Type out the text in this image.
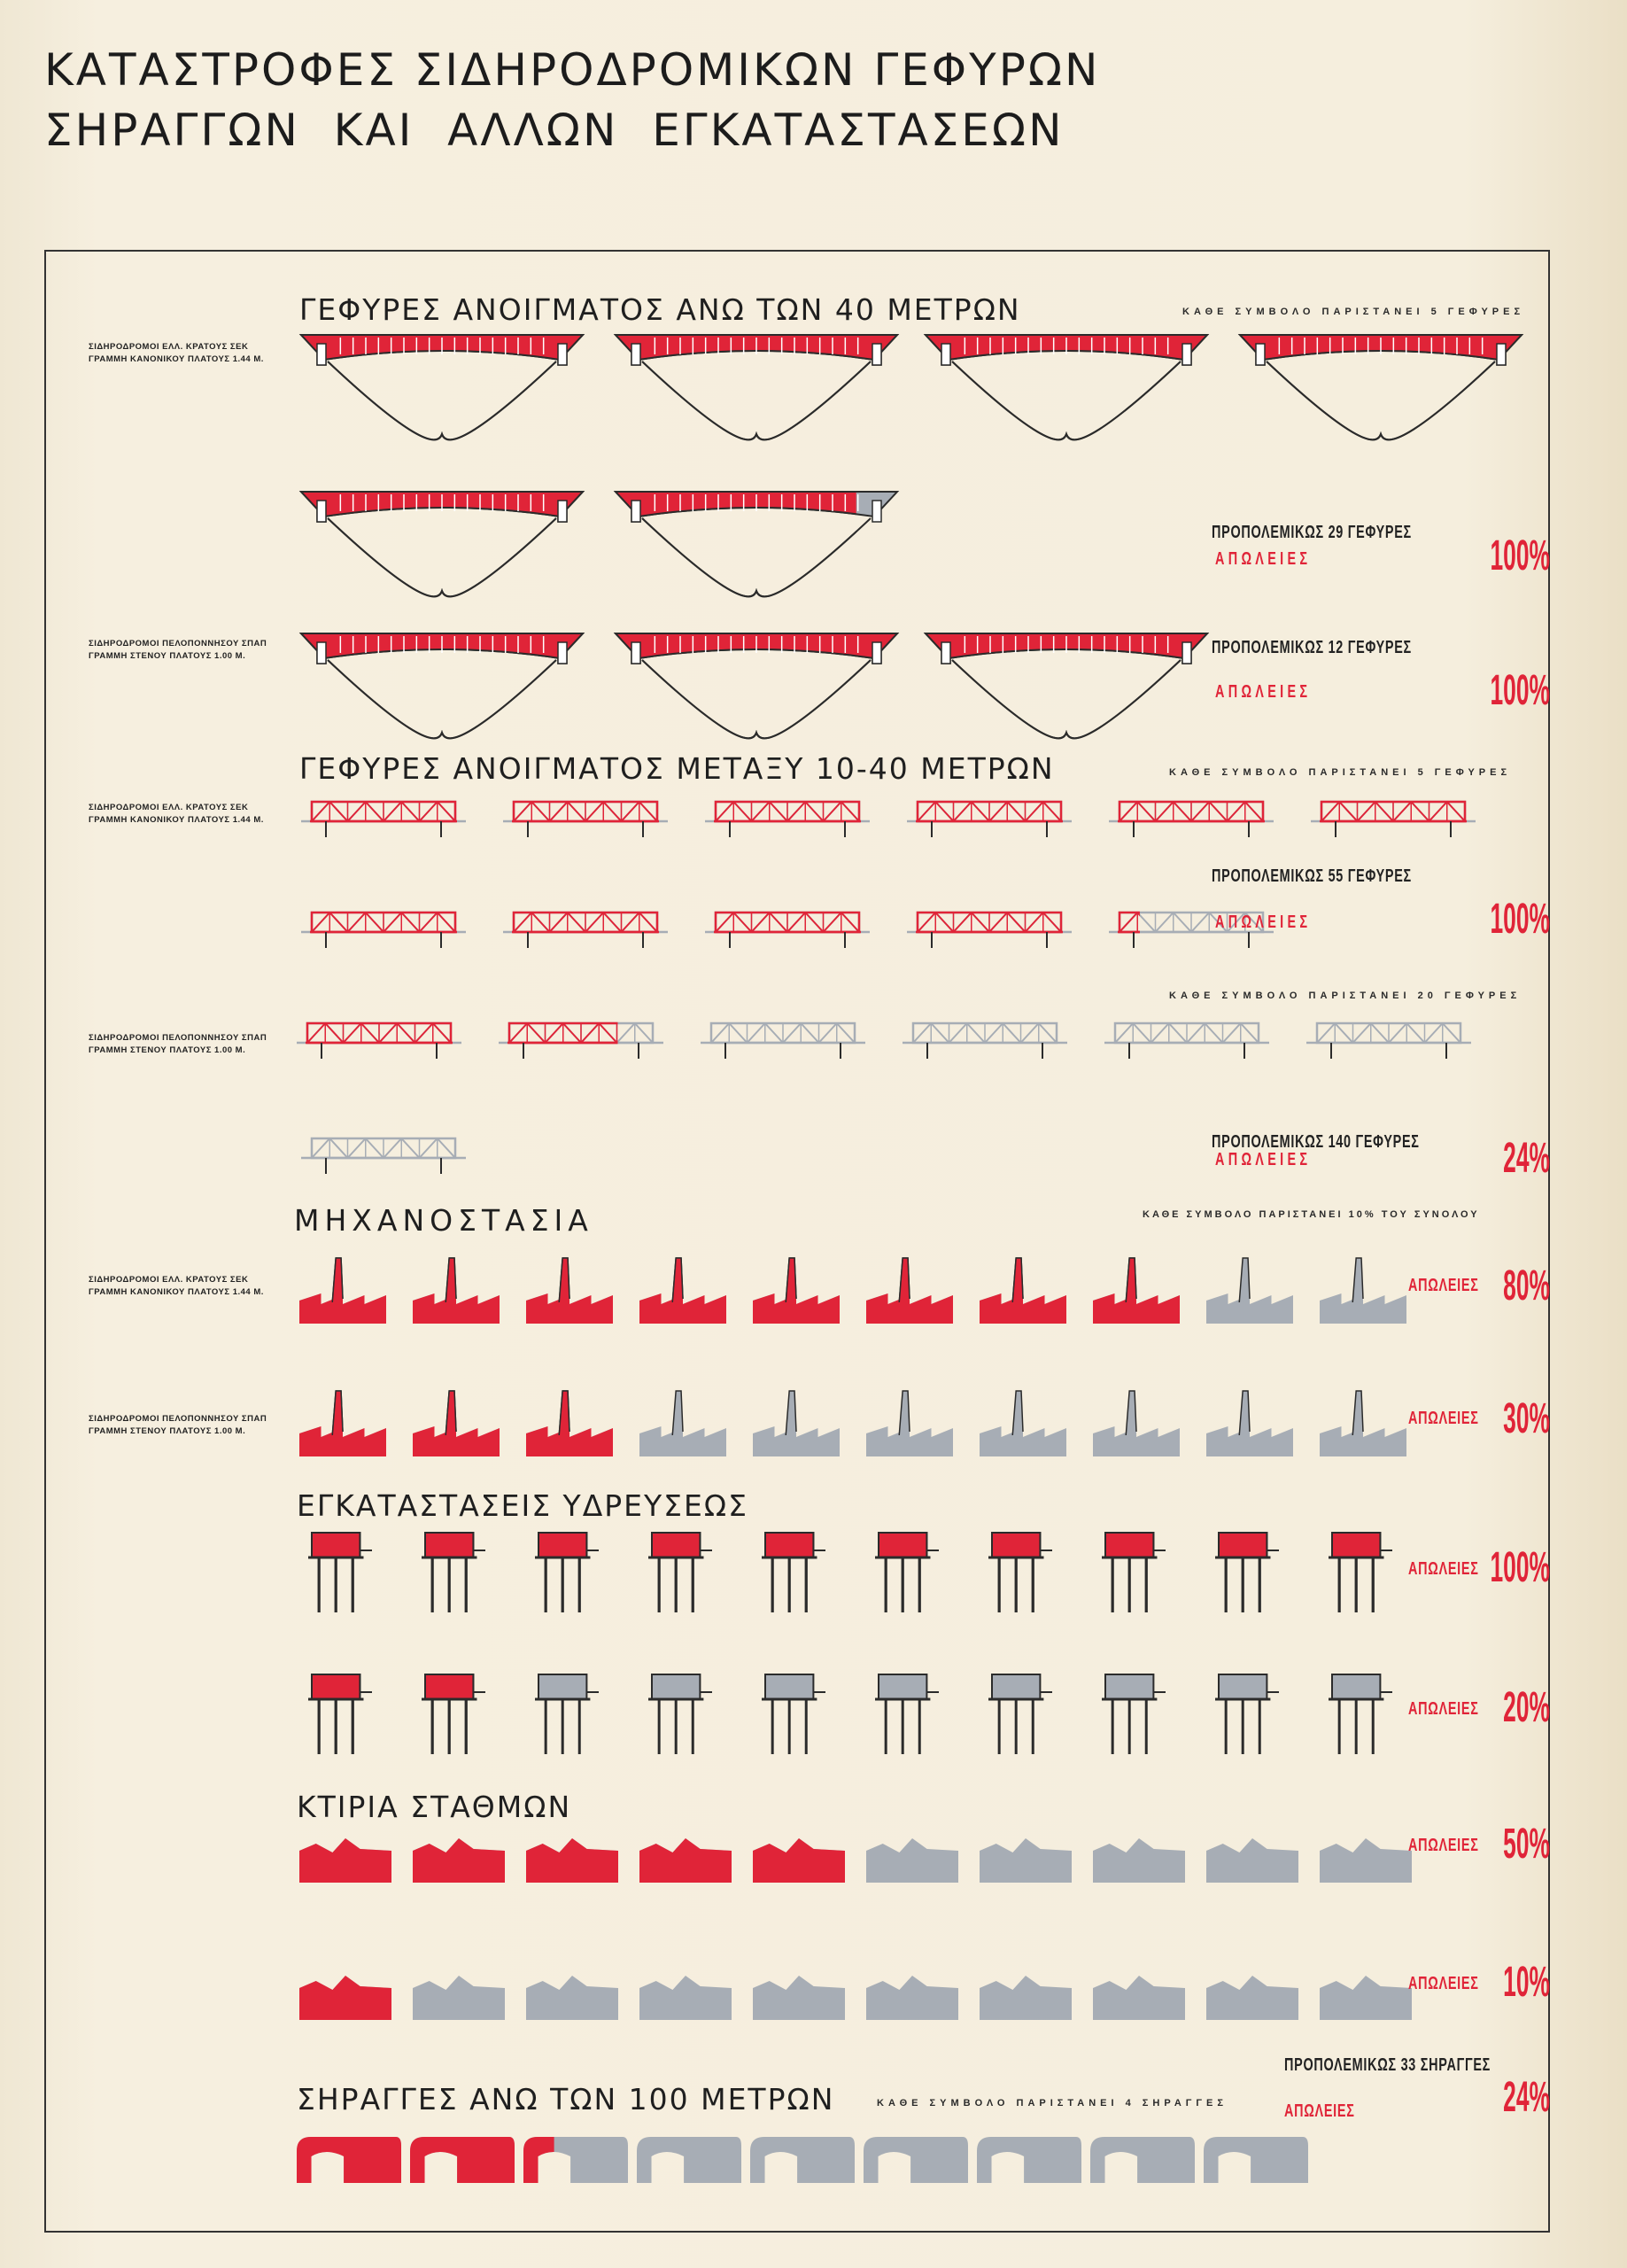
ΚΑΤΑΣΤΡΟΦΕΣ ΣΙΔΗΡΟΔΡΟΜΙΚΩΝ ΓΕΦΥΡΩΝ
ΣΗΡΑΓΓΩΝ  ΚΑΙ  ΑΛΛΩΝ  ΕΓΚΑΤΑΣΤΑΣΕΩΝ
ΓΕΦΥΡΕΣ ΑΝΟΙΓΜΑΤΟΣ ΑΝΩ ΤΩΝ 40 ΜΕΤΡΩΝ
ΓΕΦΥΡΕΣ ΑΝΟΙΓΜΑΤΟΣ ΜΕΤΑΞΥ 10-40 ΜΕΤΡΩΝ
ΜΗΧΑΝΟΣΤΑΣΙΑ
ΕΓΚΑΤΑΣΤΑΣΕΙΣ ΥΔΡΕΥΣΕΩΣ
ΚΤΙΡΙΑ ΣΤΑΘΜΩΝ
ΣΗΡΑΓΓΕΣ ΑΝΩ ΤΩΝ 100 ΜΕΤΡΩΝ
ΚΑΘΕ ΣΥΜΒΟΛΟ ΠΑΡΙΣΤΑΝΕΙ 5 ΓΕΦΥΡΕΣ
ΚΑΘΕ ΣΥΜΒΟΛΟ ΠΑΡΙΣΤΑΝΕΙ 5 ΓΕΦΥΡΕΣ
ΚΑΘΕ ΣΥΜΒΟΛΟ ΠΑΡΙΣΤΑΝΕΙ 20 ΓΕΦΥΡΕΣ
ΚΑΘΕ ΣΥΜΒΟΛΟ ΠΑΡΙΣΤΑΝΕΙ 10% ΤΟΥ ΣΥΝΟΛΟΥ
ΚΑΘΕ ΣΥΜΒΟΛΟ ΠΑΡΙΣΤΑΝΕΙ 4 ΣΗΡΑΓΓΕΣ
ΣΙΔΗΡΟΔΡΟΜΟΙ ΕΛΛ. ΚΡΑΤΟΥΣ ΣΕΚ
ΓΡΑΜΜΗ ΚΑΝΟΝΙΚΟΥ ΠΛΑΤΟΥΣ 1.44 Μ.
ΣΙΔΗΡΟΔΡΟΜΟΙ ΠΕΛΟΠΟΝΝΗΣΟΥ ΣΠΑΠ
ΓΡΑΜΜΗ ΣΤΕΝΟΥ ΠΛΑΤΟΥΣ 1.00 Μ.
ΣΙΔΗΡΟΔΡΟΜΟΙ ΕΛΛ. ΚΡΑΤΟΥΣ ΣΕΚ
ΓΡΑΜΜΗ ΚΑΝΟΝΙΚΟΥ ΠΛΑΤΟΥΣ 1.44 Μ.
ΣΙΔΗΡΟΔΡΟΜΟΙ ΠΕΛΟΠΟΝΝΗΣΟΥ ΣΠΑΠ
ΓΡΑΜΜΗ ΣΤΕΝΟΥ ΠΛΑΤΟΥΣ 1.00 Μ.
ΣΙΔΗΡΟΔΡΟΜΟΙ ΕΛΛ. ΚΡΑΤΟΥΣ ΣΕΚ
ΓΡΑΜΜΗ ΚΑΝΟΝΙΚΟΥ ΠΛΑΤΟΥΣ 1.44 Μ.
ΣΙΔΗΡΟΔΡΟΜΟΙ ΠΕΛΟΠΟΝΝΗΣΟΥ ΣΠΑΠ
ΓΡΑΜΜΗ ΣΤΕΝΟΥ ΠΛΑΤΟΥΣ 1.00 Μ.
ΠΡΟΠΟΛΕΜΙΚΩΣ 29 ΓΕΦΥΡΕΣ
ΠΡΟΠΟΛΕΜΙΚΩΣ 12 ΓΕΦΥΡΕΣ
ΠΡΟΠΟΛΕΜΙΚΩΣ 55 ΓΕΦΥΡΕΣ
ΠΡΟΠΟΛΕΜΙΚΩΣ 140 ΓΕΦΥΡΕΣ
ΠΡΟΠΟΛΕΜΙΚΩΣ 33 ΣΗΡΑΓΓΕΣ
ΑΠΩΛΕΙΕΣ
ΑΠΩΛΕΙΕΣ
ΑΠΩΛΕΙΕΣ
ΑΠΩΛΕΙΕΣ
ΑΠΩΛΕΙΕΣ
ΑΠΩΛΕΙΕΣ
ΑΠΩΛΕΙΕΣ
ΑΠΩΛΕΙΕΣ
ΑΠΩΛΕΙΕΣ
ΑΠΩΛΕΙΕΣ
ΑΠΩΛΕΙΕΣ
100%
100%
100%
24%
80%
30%
100%
20%
50%
10%
24%
